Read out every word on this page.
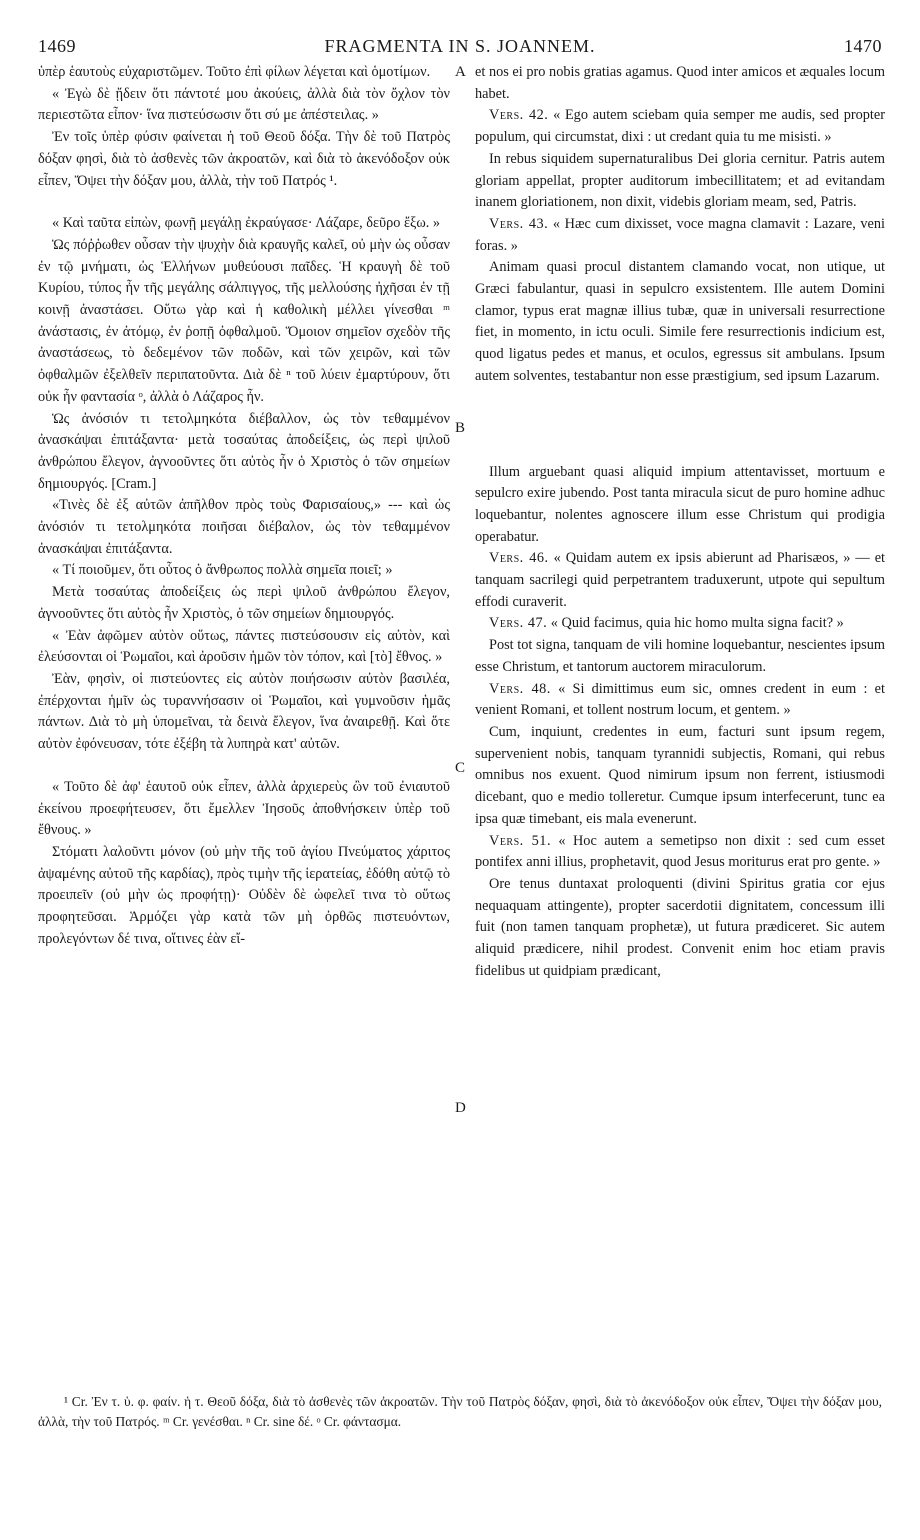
1469	FRAGMENTA IN S. JOANNEM.	1470
A
B
C
D

ὑπὲρ ἑαυτοὺς εὐχαριστῶμεν. Τοῦτο ἐπὶ φίλων λέγεται καὶ ὁμοτίμων.

« Ἐγὼ δὲ ᾔδειν ὅτι πάντοτέ μου ἀκούεις, ἀλλὰ διὰ τὸν ὄχλον τὸν περιεστῶτα εἶπον· ἵνα πιστεύσωσιν ὅτι σύ με ἀπέστειλας. »

Ἐν τοῖς ὑπὲρ φύσιν φαίνεται ἡ τοῦ Θεοῦ δόξα. Τὴν δὲ τοῦ Πατρὸς δόξαν φησὶ, διὰ τὸ ἀσθενὲς τῶν ἀκροατῶν, καὶ διὰ τὸ ἀκενόδοξον οὐκ εἶπεν, Ὄψει τὴν δόξαν μου, ἀλλὰ, τὴν τοῦ Πατρός ¹.

« Καὶ ταῦτα εἰπὼν, φωνῇ μεγάλῃ ἐκραύγασε· Λάζαρε, δεῦρο ἔξω. »

Ὡς πόῤῥωθεν οὖσαν τὴν ψυχὴν διὰ κραυγῆς καλεῖ, οὐ μὴν ὡς οὖσαν ἐν τῷ μνήματι, ὡς Ἑλλήνων μυθεύουσι παῖδες. Ἡ κραυγὴ δὲ τοῦ Κυρίου, τύπος ἦν τῆς μεγάλης σάλπιγγος, τῆς μελλούσης ἠχῆσαι ἐν τῇ κοινῇ ἀναστάσει. Οὕτω γὰρ καὶ ἡ καθολικὴ μέλλει γίνεσθαι ᵐ ἀνάστασις, ἐν ἀτόμῳ, ἐν ῥοπῇ ὀφθαλμοῦ. Ὅμοιον σημεῖον σχεδὸν τῆς ἀναστάσεως, τὸ δεδεμένον τῶν ποδῶν, καὶ τῶν χειρῶν, καὶ τῶν ὀφθαλμῶν ἐξελθεῖν περιπατοῦντα. Διὰ δὲ ⁿ τοῦ λύειν ἐμαρτύρουν, ὅτι οὐκ ἦν φαντασία ᵒ, ἀλλὰ ὁ Λάζαρος ἦν.

Ὡς ἀνόσιόν τι τετολμηκότα διέβαλλον, ὡς τὸν τεθαμμένον ἀνασκάψαι ἐπιτάξαντα· μετὰ τοσαύτας ἀποδείξεις, ὡς περὶ ψιλοῦ ἀνθρώπου ἔλεγον, ἀγνοοῦντες ὅτι αὐτὸς ἦν ὁ Χριστὸς ὁ τῶν σημείων δημιουργός. [Cram.]

«Τινὲς δὲ ἐξ αὐτῶν ἀπῆλθον πρὸς τοὺς Φαρισαίους,» --- καὶ ὡς ἀνόσιόν τι τετολμηκότα ποιῆσαι διέβαλον, ὡς τὸν τεθαμμένον ἀνασκάψαι ἐπιτάξαντα.

« Τί ποιοῦμεν, ὅτι οὗτος ὁ ἄνθρωπος πολλὰ σημεῖα ποιεῖ; »

Μετὰ τοσαύτας ἀποδείξεις ὡς περὶ ψιλοῦ ἀνθρώπου ἔλεγον, ἀγνοοῦντες ὅτι αὐτὸς ἦν Χριστὸς, ὁ τῶν σημείων δημιουργός.

« Ἐὰν ἀφῶμεν αὐτὸν οὕτως, πάντες πιστεύσουσιν εἰς αὐτὸν, καὶ ἐλεύσονται οἱ Ῥωμαῖοι, καὶ ἀροῦσιν ἡμῶν τὸν τόπον, καὶ [τὸ] ἔθνος. »

Ἐὰν, φησὶν, οἱ πιστεύοντες εἰς αὐτὸν ποιήσωσιν αὐτὸν βασιλέα, ἐπέρχονται ἡμῖν ὡς τυραννήσασιν οἱ Ῥωμαῖοι, καὶ γυμνοῦσιν ἡμᾶς πάντων. Διὰ τὸ μὴ ὑπομεῖναι, τὰ δεινὰ ἔλεγον, ἵνα ἀναιρεθῇ. Καὶ ὅτε αὐτὸν ἐφόνευσαν, τότε ἐξέβη τὰ λυπηρὰ κατ' αὐτῶν.

« Τοῦτο δὲ ἀφ' ἑαυτοῦ οὐκ εἶπεν, ἀλλὰ ἀρχιερεὺς ὢν τοῦ ἐνιαυτοῦ ἐκείνου προεφήτευσεν, ὅτι ἔμελλεν Ἰησοῦς ἀποθνήσκειν ὑπὲρ τοῦ ἔθνους. »

Στόματι λαλοῦντι μόνον (οὐ μὴν τῆς τοῦ ἁγίου Πνεύματος χάριτος ἀψαμένης αὐτοῦ τῆς καρδίας), πρὸς τιμὴν τῆς ἱερατείας, ἐδόθη αὐτῷ τὸ προειπεῖν (οὐ μὴν ὡς προφήτῃ)· Οὐδὲν δὲ ὠφελεῖ τινα τὸ οὕτως προφητεῦσαι. Ἁρμόζει γὰρ κατὰ τῶν μὴ ὀρθῶς πιστευόντων, προλεγόντων δέ τινα, οἵτινες ἐὰν εἴ-

et nos ei pro nobis gratias agamus. Quod inter amicos et æquales locum habet.

Vers. 42. « Ego autem sciebam quia semper me audis, sed propter populum, qui circumstat, dixi : ut credant quia tu me misisti. »

In rebus siquidem supernaturalibus Dei gloria cernitur. Patris autem gloriam appellat, propter auditorum imbecillitatem; et ad evitandam inanem gloriationem, non dixit, videbis gloriam meam, sed, Patris.

Vers. 43. « Hæc cum dixisset, voce magna clamavit : Lazare, veni foras. »

Animam quasi procul distantem clamando vocat, non utique, ut Græci fabulantur, quasi in sepulcro exsistentem. Ille autem Domini clamor, typus erat magnæ illius tubæ, quæ in universali resurrectione fiet, in momento, in ictu oculi. Simile fere resurrectionis indicium est, quod ligatus pedes et manus, et oculos, egressus sit ambulans. Ipsum autem solventes, testabantur non esse præstigium, sed ipsum Lazarum.

Illum arguebant quasi aliquid impium attentavisset, mortuum e sepulcro exire jubendo. Post tanta miracula sicut de puro homine adhuc loquebantur, nolentes agnoscere illum esse Christum qui prodigia operabatur.

Vers. 46. « Quidam autem ex ipsis abierunt ad Pharisæos, » — et tanquam sacrilegi quid perpetrantem traduxerunt, utpote qui sepultum effodi curaverit.

Vers. 47. « Quid facimus, quia hic homo multa signa facit? »

Post tot signa, tanquam de vili homine loquebantur, nescientes ipsum esse Christum, et tantorum auctorem miraculorum.

Vers. 48. « Si dimittimus eum sic, omnes credent in eum : et venient Romani, et tollent nostrum locum, et gentem. »

Cum, inquiunt, credentes in eum, facturi sunt ipsum regem, supervenient nobis, tanquam tyrannidi subjectis, Romani, qui rebus omnibus nos exuent. Quod nimirum ipsum non ferrent, istiusmodi dicebant, quo e medio tolleretur. Cumque ipsum interfecerunt, tunc ea ipsa quæ timebant, eis mala evenerunt.

Vers. 51. « Hoc autem a semetipso non dixit : sed cum esset pontifex anni illius, prophetavit, quod Jesus moriturus erat pro gente. »

Ore tenus duntaxat proloquenti (divini Spiritus gratia cor ejus nequaquam attingente), propter sacerdotii dignitatem, concessum illi fuit (non tamen tanquam prophetæ), ut futura prædiceret. Sic autem aliquid prædicere, nihil prodest. Convenit enim hoc etiam pravis fidelibus ut quidpiam prædicant,

¹ Cr. Ἐν τ. ὑ. φ. φαίν. ἡ τ. Θεοῦ δόξα, διὰ τὸ ἀσθενὲς τῶν ἀκροατῶν. Τὴν τοῦ Πατρὸς δόξαν, φησὶ, διὰ τὸ ἀκενόδοξον οὐκ εἶπεν, Ὄψει τὴν δόξαν μου, ἀλλὰ, τὴν τοῦ Πατρός. ᵐ Cr. γενέσθαι. ⁿ Cr. sine δέ. ᵒ Cr. φάντασμα.
